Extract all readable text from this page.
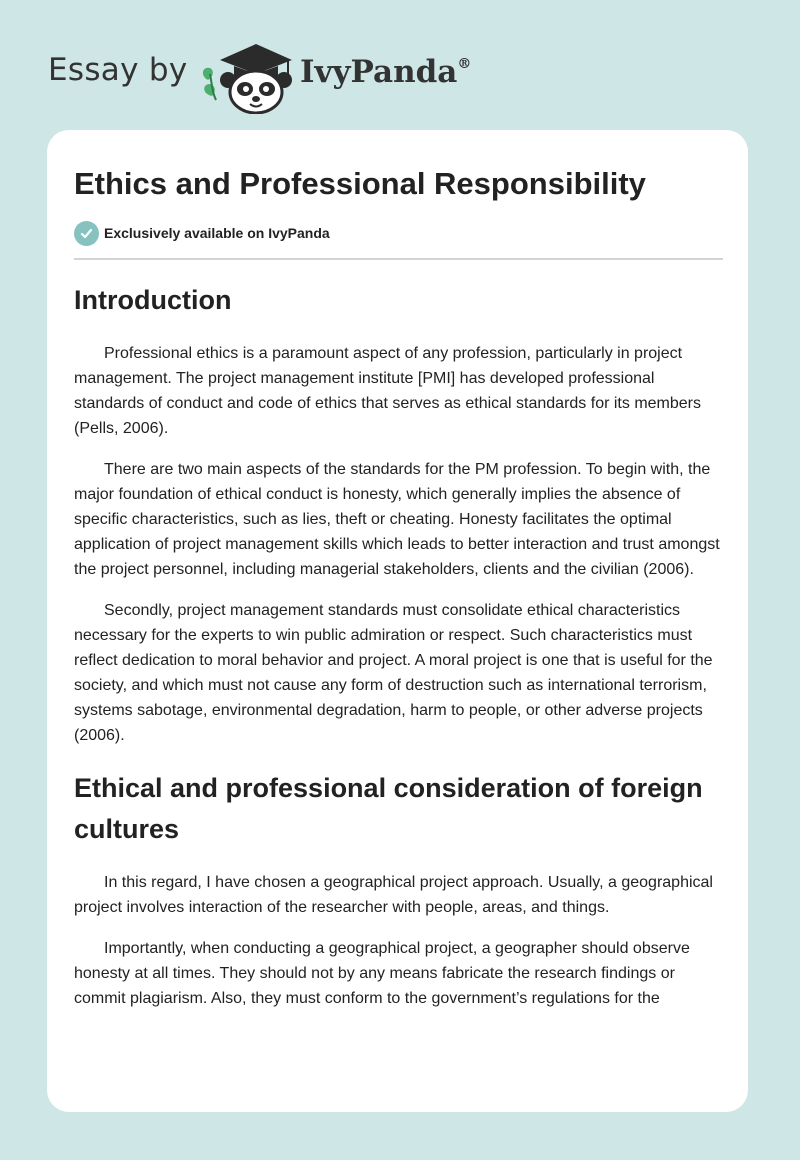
Essay by	IvyPanda®
Ethics and Professional Responsibility
Exclusively available on IvyPanda
Introduction

Professional ethics is a paramount aspect of any profession, particularly in project management. The project management institute [PMI] has developed professional standards of conduct and code of ethics that serves as ethical standards for its members (Pells, 2006).

There are two main aspects of the standards for the PM profession. To begin with, the major foundation of ethical conduct is honesty, which generally implies the absence of specific characteristics, such as lies, theft or cheating. Honesty facilitates the optimal application of project management skills which leads to better interaction and trust amongst the project personnel, including managerial stakeholders, clients and the civilian (2006).

Secondly, project management standards must consolidate ethical characteristics necessary for the experts to win public admiration or respect. Such characteristics must reflect dedication to moral behavior and project. A moral project is one that is useful for the society, and which must not cause any form of destruction such as international terrorism, systems sabotage, environmental degradation, harm to people, or other adverse projects (2006).

Ethical and professional consideration of foreign cultures

In this regard, I have chosen a geographical project approach. Usually, a geographical project involves interaction of the researcher with people, areas, and things.

Importantly, when conducting a geographical project, a geographer should observe honesty at all times. They should not by any means fabricate the research findings or commit plagiarism. Also, they must conform to the government’s regulations for the
